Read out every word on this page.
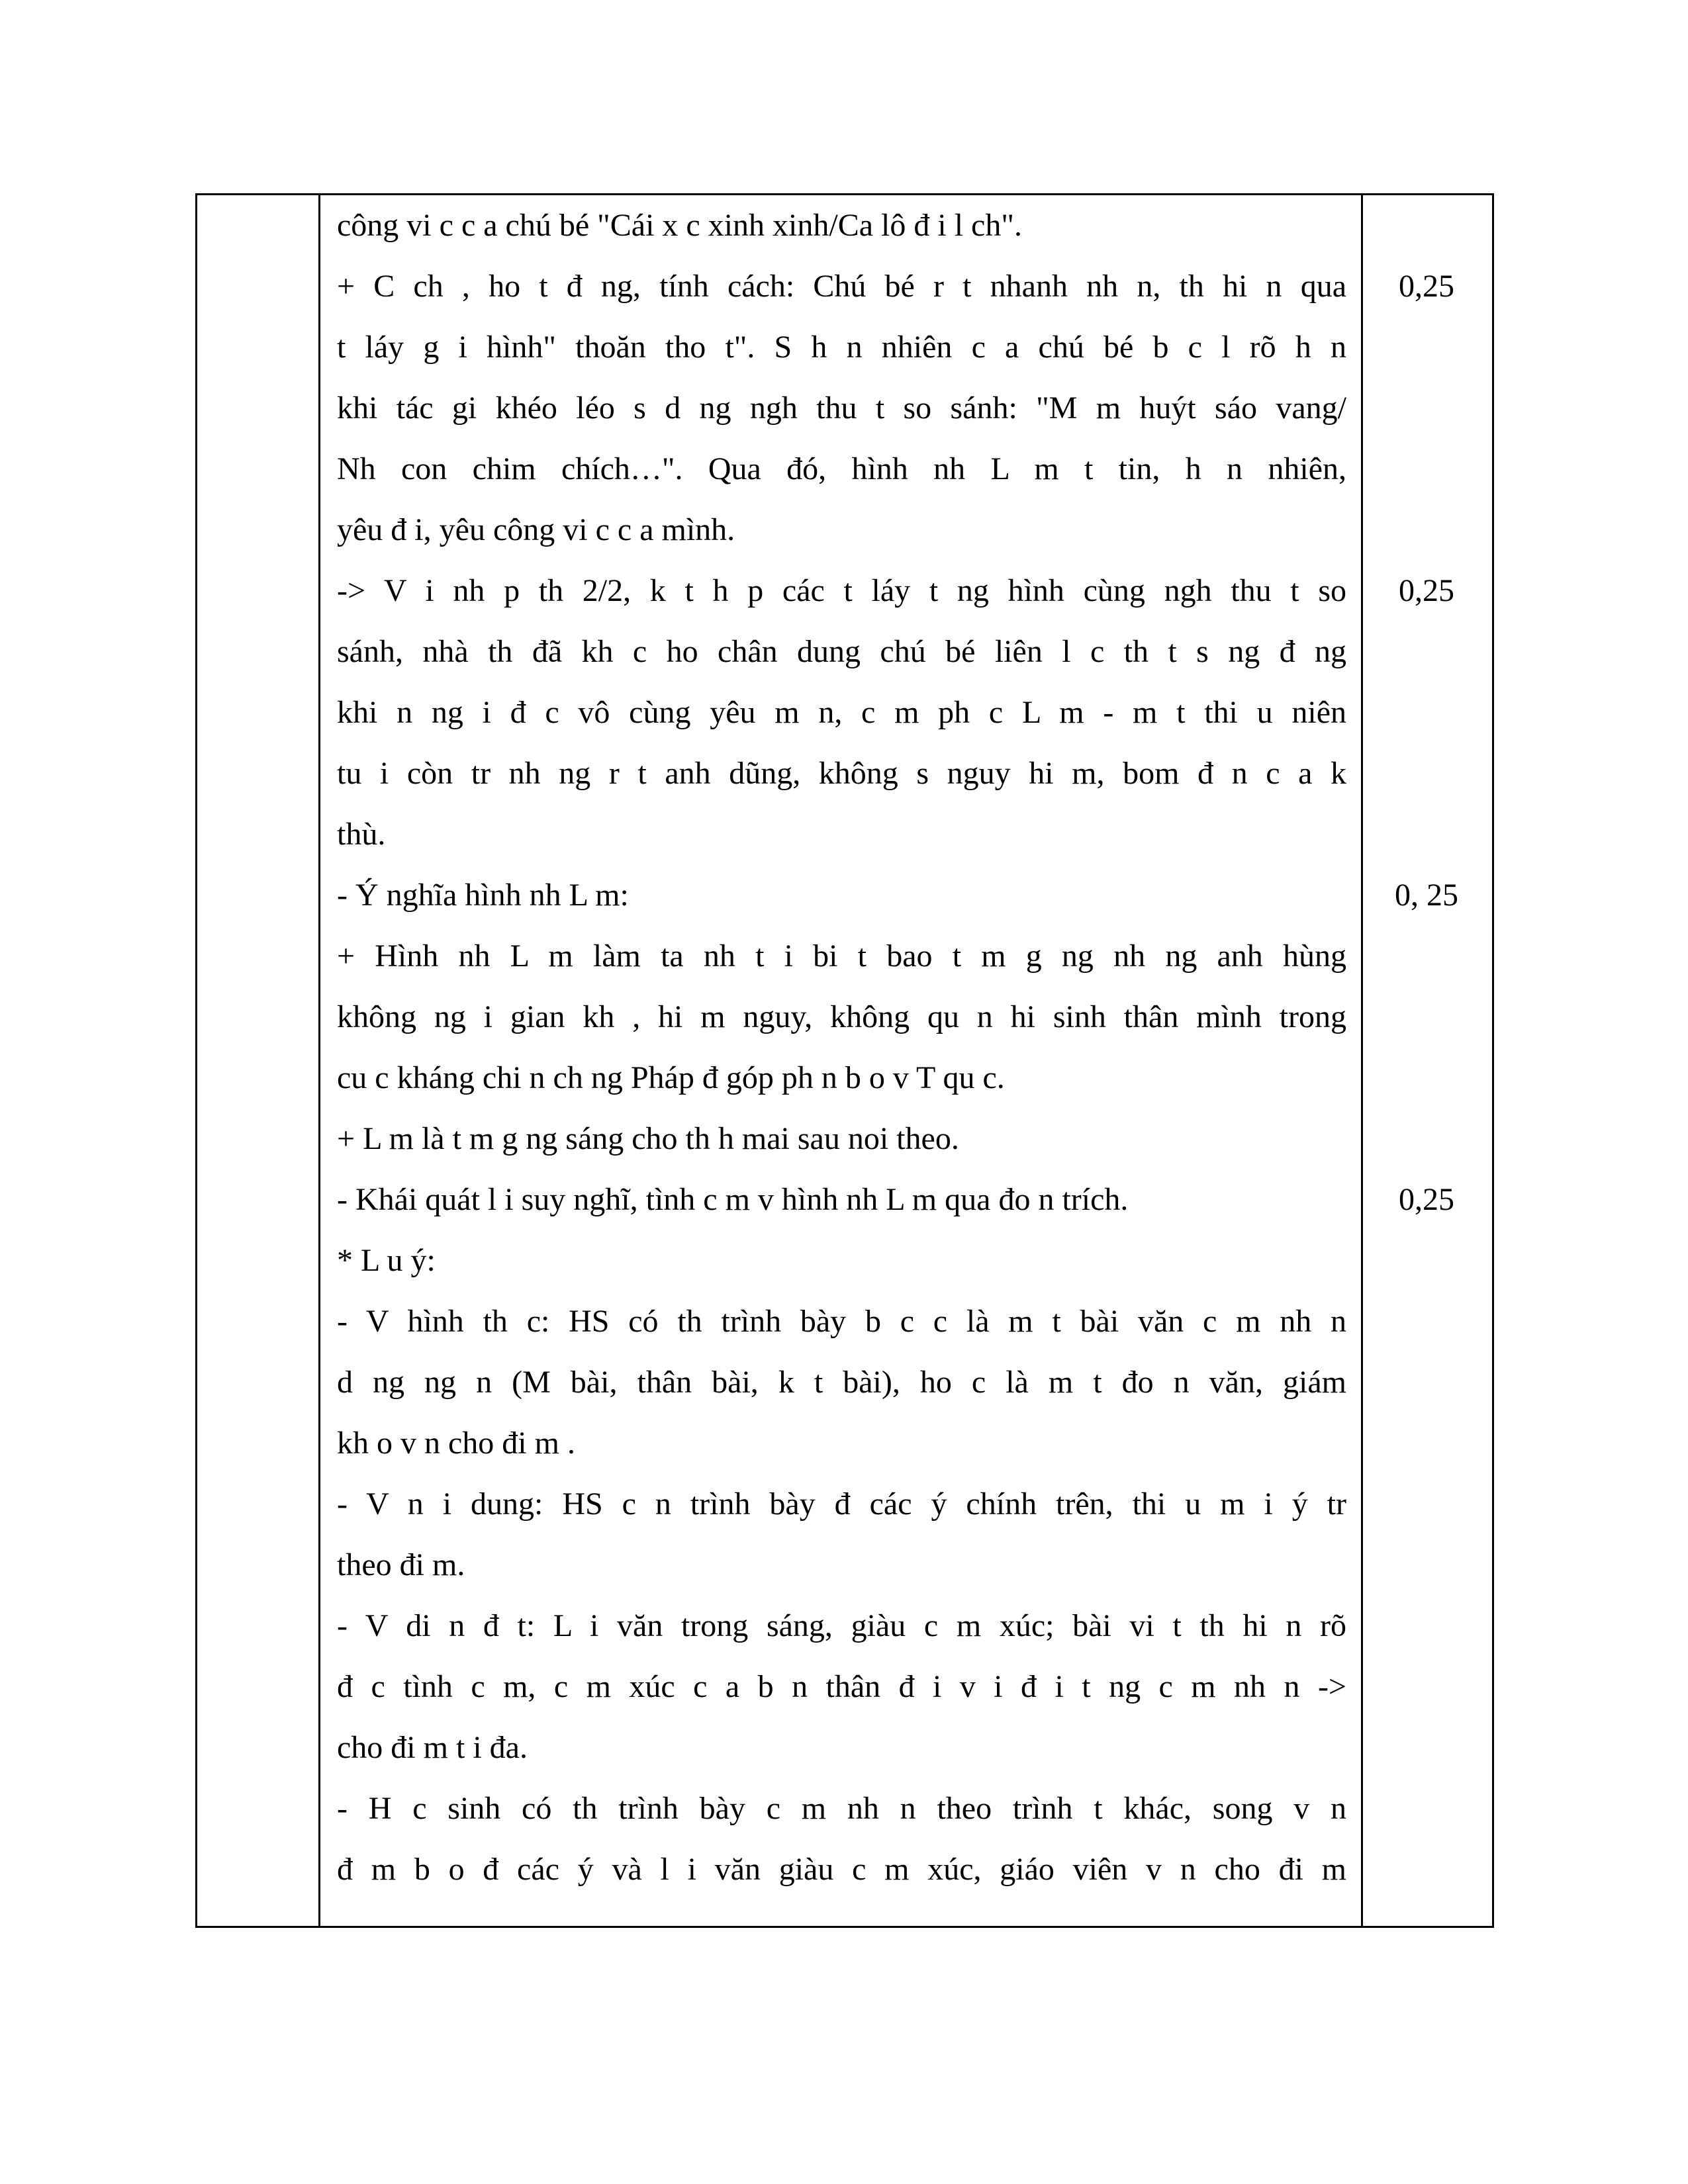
công vi c c a chú bé "Cái x c xinh xinh/Ca lô đ i l ch".
+ C ch , ho t đ ng, tính cách: Chú bé r t nhanh nh n, th hi n qua
t láy g i hình" thoăn tho t". S h n nhiên c a chú bé b c l rõ h n
khi tác gi khéo léo s d ng ngh thu t so sánh: "M m huýt sáo vang/
Nh con chim chích…". Qua đó, hình nh L m t tin, h n nhiên,
yêu đ i, yêu công vi c c a mình.
-> V i nh p th 2/2, k t h p các t láy t ng hình cùng ngh thu t so
sánh, nhà th đã kh c ho chân dung chú bé liên l c th t s ng đ ng
khi n ng i đ c vô cùng yêu m n, c m ph c L m - m t thi u niên
tu i còn tr nh ng r t anh dũng, không s nguy hi m, bom đ n c a k
thù.
- Ý nghĩa hình nh L m:
+ Hình nh L m làm ta nh t i bi t bao t m g ng nh ng anh hùng
không ng i gian kh , hi m nguy, không qu n hi sinh thân mình trong
cu c kháng chi n ch ng Pháp đ góp ph n b o v T qu c.
+ L m là t m g ng sáng cho th h mai sau noi theo.
- Khái quát l i suy nghĩ, tình c m v hình nh L m qua đo n trích.
* L u ý:
- V hình th c: HS có th trình bày b c c là m t bài văn c m nh n
d ng ng n (M bài, thân bài, k t bài), ho c là m t đo n văn, giám
kh o v n cho đi m .
- V n i dung: HS c n trình bày đ các ý chính trên, thi u m i ý tr
theo đi m.
- V di n đ t: L i văn trong sáng, giàu c m xúc; bài vi t th hi n rõ
đ c tình c m, c m xúc c a b n thân đ i v i đ i t ng c m nh n ->
cho đi m t i đa.
- H c sinh có th trình bày c m nh n theo trình t khác, song v n
đ m b o đ các ý và l i văn giàu c m xúc, giáo viên v n cho đi m
0,25
0,25
0, 25
0,25
